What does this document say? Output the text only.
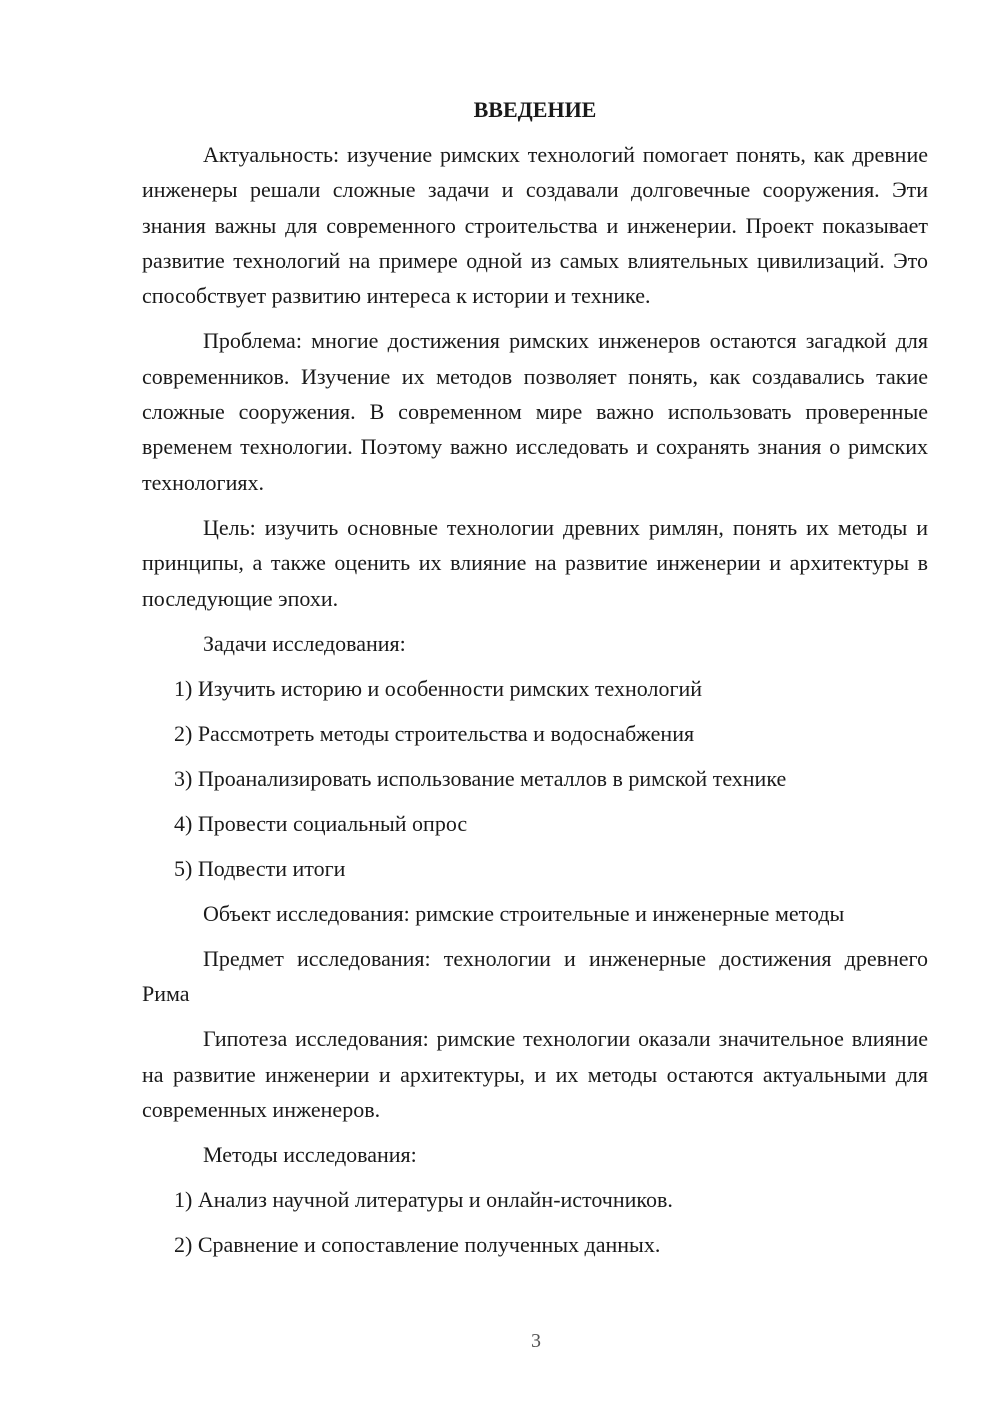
ВВЕДЕНИЕ

Актуальность: изучение римских технологий помогает понять, как древние инженеры решали сложные задачи и создавали долговечные сооружения. Эти знания важны для современного строительства и инженерии. Проект показывает развитие технологий на примере одной из самых влиятельных цивилизаций. Это способствует развитию интереса к истории и технике.

Проблема: многие достижения римских инженеров остаются загадкой для современников. Изучение их методов позволяет понять, как создавались такие сложные сооружения. В современном мире важно использовать проверенные временем технологии. Поэтому важно исследовать и сохранять знания о римских технологиях.

Цель: изучить основные технологии древних римлян, понять их методы и принципы, а также оценить их влияние на развитие инженерии и архитектуры в последующие эпохи.

Задачи исследования:

1) Изучить историю и особенности римских технологий

2) Рассмотреть методы строительства и водоснабжения

3) Проанализировать использование металлов в римской технике

4) Провести социальный опрос

5) Подвести итоги

Объект исследования: римские строительные и инженерные методы

Предмет исследования: технологии и инженерные достижения древнего Рима

Гипотеза исследования: римские технологии оказали значительное влияние на развитие инженерии и архитектуры, и их методы остаются актуальными для современных инженеров.

Методы исследования:

1) Анализ научной литературы и онлайн-источников.

2) Сравнение и сопоставление полученных данных.

3
